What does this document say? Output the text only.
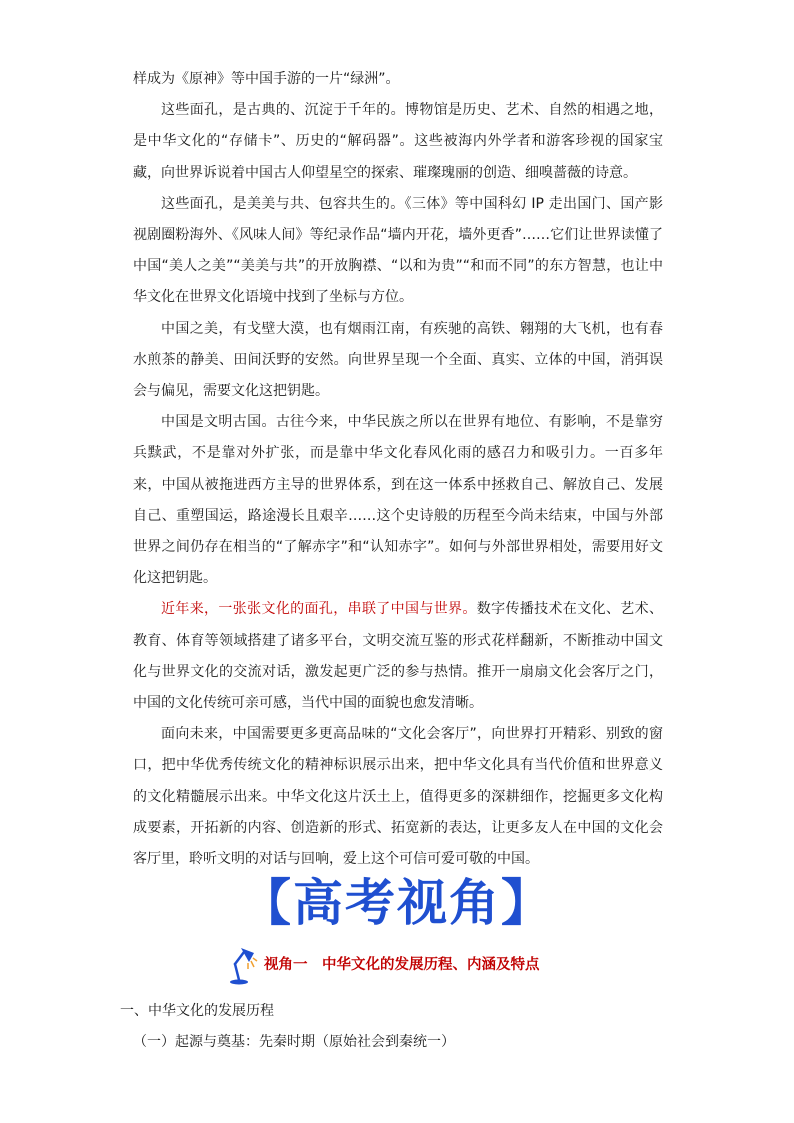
样成为《原神》等中国手游的一片“绿洲”。

这些面孔，是古典的、沉淀于千年的。博物馆是历史、艺术、自然的相遇之地，是中华文化的“存储卡”、历史的“解码器”。这些被海内外学者和游客珍视的国家宝藏，向世界诉说着中国古人仰望星空的探索、璀璨瑰丽的创造、细嗅蔷薇的诗意。

这些面孔，是美美与共、包容共生的。《三体》等中国科幻 IP 走出国门、国产影视剧圈粉海外、《风味人间》等纪录作品“墙内开花，墙外更香”……它们让世界读懂了中国“美人之美”“美美与共”的开放胸襟、“以和为贵”“和而不同”的东方智慧，也让中华文化在世界文化语境中找到了坐标与方位。

中国之美，有戈壁大漠，也有烟雨江南，有疾驰的高铁、翱翔的大飞机，也有春水煎茶的静美、田间沃野的安然。向世界呈现一个全面、真实、立体的中国，消弭误会与偏见，需要文化这把钥匙。

中国是文明古国。古往今来，中华民族之所以在世界有地位、有影响，不是靠穷兵黩武，不是靠对外扩张，而是靠中华文化春风化雨的感召力和吸引力。一百多年来，中国从被拖进西方主导的世界体系，到在这一体系中拯救自己、解放自己、发展自己、重塑国运，路途漫长且艰辛……这个史诗般的历程至今尚未结束，中国与外部世界之间仍存在相当的“了解赤字”和“认知赤字”。如何与外部世界相处，需要用好文化这把钥匙。

近年来，一张张文化的面孔，串联了中国与世界。数字传播技术在文化、艺术、教育、体育等领域搭建了诸多平台，文明交流互鉴的形式花样翻新，不断推动中国文化与世界文化的交流对话，激发起更广泛的参与热情。推开一扇扇文化会客厅之门，中国的文化传统可亲可感，当代中国的面貌也愈发清晰。

面向未来，中国需要更多更高品味的“文化会客厅”，向世界打开精彩、别致的窗口，把中华优秀传统文化的精神标识展示出来，把中华文化具有当代价值和世界意义的文化精髓展示出来。中华文化这片沃土上，值得更多的深耕细作，挖掘更多文化构成要素，开拓新的内容、创造新的形式、拓宽新的表达，让更多友人在中国的文化会客厅里，聆听文明的对话与回响，爱上这个可信可爱可敬的中国。

【高考视角】
视角一　中华文化的发展历程、内涵及特点
一、中华文化的发展历程
（一）起源与奠基：先秦时期（原始社会到秦统一）
